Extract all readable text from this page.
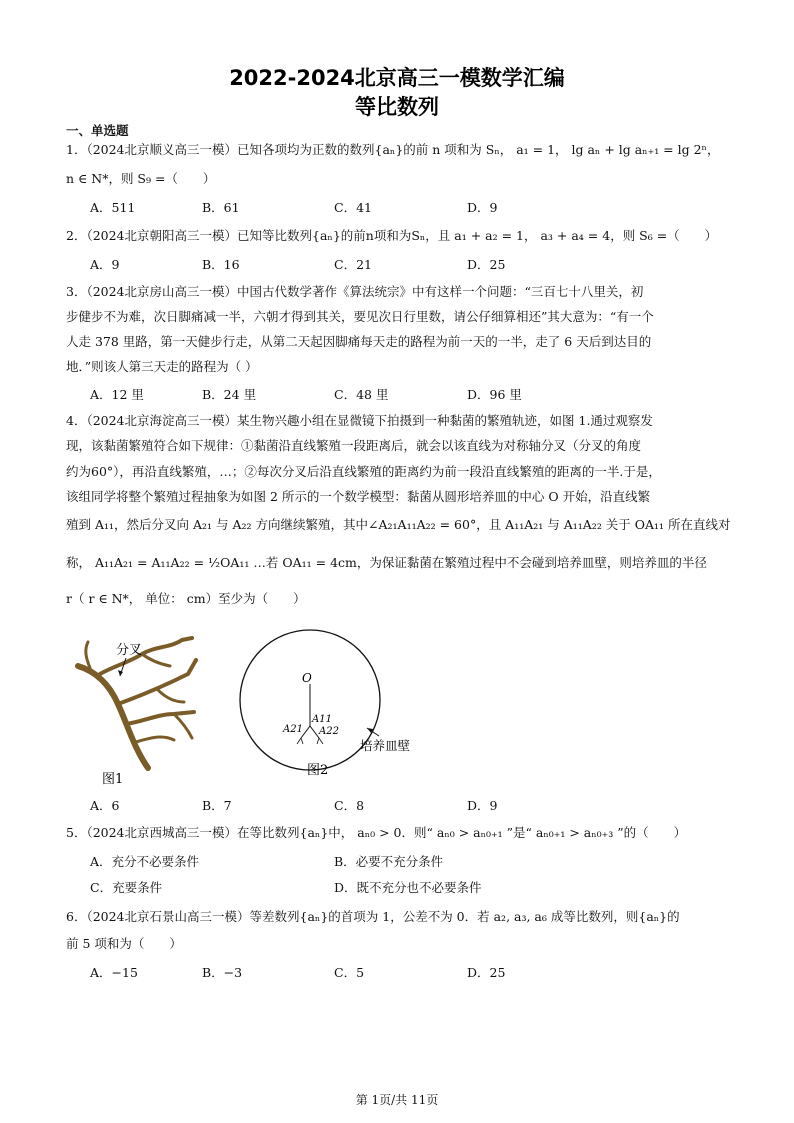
2022-2024北京高三一模数学汇编
等比数列
一、单选题
1．（2024北京顺义高三一模）已知各项均为正数的数列{aₙ}的前 n 项和为 Sₙ， a₁ = 1， lg aₙ + lg aₙ₊₁ = lg 2ⁿ，
n ∈ N*，则 S₉ =（　　）
A．511	B．61	C．41	D．9
2．（2024北京朝阳高三一模）已知等比数列{aₙ}的前n项和为Sₙ，且 a₁ + a₂ = 1， a₃ + a₄ = 4，则 S₆ =（　　）
A．9	B．16	C．21	D．25
3．（2024北京房山高三一模）中国古代数学著作《算法统宗》中有这样一个问题：“三百七十八里关，初
步健步不为难，次日脚痛减一半，六朝才得到其关，要见次日行里数，请公仔细算相还”其大意为：“有一个
人走 378 里路，第一天健步行走，从第二天起因脚痛每天走的路程为前一天的一半，走了 6 天后到达目的
地．”则该人第三天走的路程为（ ）
A．12 里	B．24 里	C．48 里	D．96 里
4．（2024北京海淀高三一模）某生物兴趣小组在显微镜下拍摄到一种黏菌的繁殖轨迹，如图 1.通过观察发
现，该黏菌繁殖符合如下规律：①黏菌沿直线繁殖一段距离后，就会以该直线为对称轴分叉（分叉的角度
约为60°），再沿直线繁殖，…；②每次分叉后沿直线繁殖的距离约为前一段沿直线繁殖的距离的一半.于是，
该组同学将整个繁殖过程抽象为如图 2 所示的一个数学模型：黏菌从圆形培养皿的中心 O 开始，沿直线繁
殖到 A₁₁，然后分叉向 A₂₁ 与 A₂₂ 方向继续繁殖，其中∠A₂₁A₁₁A₂₂ = 60°，且 A₁₁A₂₁ 与 A₁₁A₂₂ 关于 OA₁₁ 所在直线对
称， A₁₁A₂₁ = A₁₁A₂₂ = ½OA₁₁ …若 OA₁₁ = 4cm，为保证黏菌在繁殖过程中不会碰到培养皿壁，则培养皿的半径
r（ r ∈ N*， 单位： cm）至少为（　　）
分叉
图1
O
A11
A21 A22
培养皿壁
图2
A．6	B．7	C．8	D．9
5．（2024北京西城高三一模）在等比数列{aₙ}中， aₙ₀ > 0．则“ aₙ₀ > aₙ₀₊₁ ”是“ aₙ₀₊₁ > aₙ₀₊₃ ”的（　　）
A．充分不必要条件	B．必要不充分条件
C．充要条件	D．既不充分也不必要条件
6．（2024北京石景山高三一模）等差数列{aₙ}的首项为 1，公差不为 0．若 a₂, a₃, a₆ 成等比数列，则{aₙ}的
前 5 项和为（　　）
A．−15	B．−3	C．5	D．25
第 1页/共 11页
